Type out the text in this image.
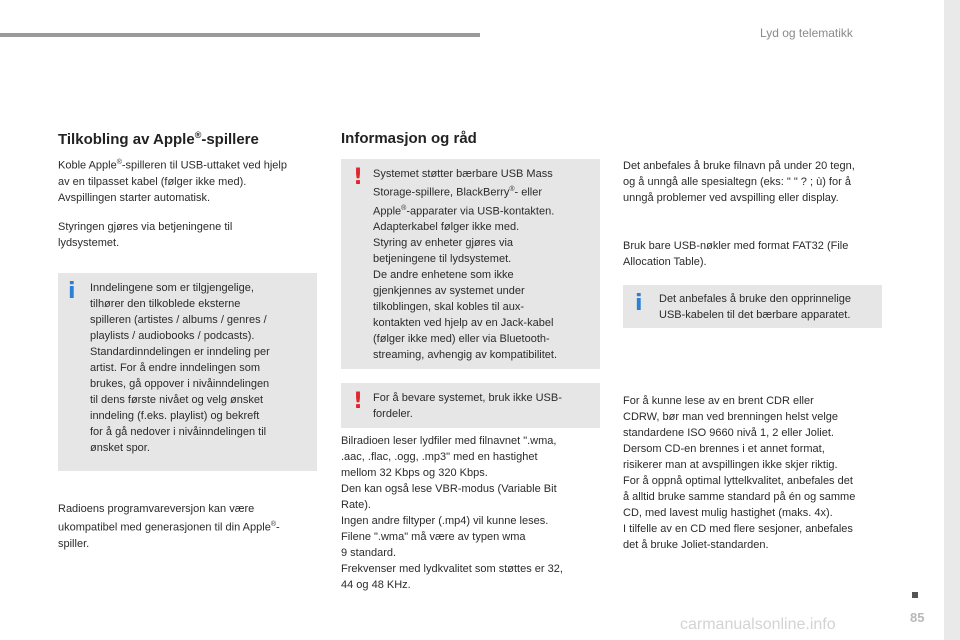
Lyd og telematikk
Tilkobling av Apple®-spillere
Koble Apple®-spilleren til USB-uttaket ved hjelp
av en tilpasset kabel (følger ikke med).
Avspillingen starter automatisk.
Styringen gjøres via betjeningene til
lydsystemet.
i Inndelingene som er tilgjengelige,
tilhører den tilkoblede eksterne
spilleren (artistes / albums / genres /
playlists / audiobooks / podcasts).
Standardinndelingen er inndeling per
artist. For å endre inndelingen som
brukes, gå oppover i nivåinndelingen
til dens første nivået og velg ønsket
inndeling (f.eks. playlist) og bekreft
for å gå nedover i nivåinndelingen til
ønsket spor.
Radioens programvareversjon kan være
ukompatibel med generasjonen til din Apple®-
spiller.
Informasjon og råd
! Systemet støtter bærbare USB Mass
Storage-spillere, BlackBerry®- eller
Apple®-apparater via USB-kontakten.
Adapterkabel følger ikke med.
Styring av enheter gjøres via
betjeningene til lydsystemet.
De andre enhetene som ikke
gjenkjennes av systemet under
tilkoblingen, skal kobles til aux-
kontakten ved hjelp av en Jack-kabel
(følger ikke med) eller via Bluetooth-
streaming, avhengig av kompatibilitet.
! For å bevare systemet, bruk ikke USB-
fordeler.
Bilradioen leser lydfiler med filnavnet ".wma,
.aac, .flac, .ogg, .mp3" med en hastighet
mellom 32 Kbps og 320 Kbps.
Den kan også lese VBR-modus (Variable Bit
Rate).
Ingen andre filtyper (.mp4) vil kunne leses.
Filene ".wma" må være av typen wma
9 standard.
Frekvenser med lydkvalitet som støttes er 32,
44 og 48 KHz.
Det anbefales å bruke filnavn på under 20 tegn,
og å unngå alle spesialtegn (eks: " " ? ; ù) for å
unngå problemer ved avspilling eller display.
Bruk bare USB-nøkler med format FAT32 (File
Allocation Table).
i Det anbefales å bruke den opprinnelige
USB-kabelen til det bærbare apparatet.
For å kunne lese av en brent CDR eller
CDRW, bør man ved brenningen helst velge
standardene ISO 9660 nivå 1, 2 eller Joliet.
Dersom CD-en brennes i et annet format,
risikerer man at avspillingen ikke skjer riktig.
For å oppnå optimal lyttelkvalitet, anbefales det
å alltid bruke samme standard på én og samme
CD, med lavest mulig hastighet (maks. 4x).
I tilfelle av en CD med flere sesjoner, anbefales
det å bruke Joliet-standarden.
carmanualsonline.info	85
